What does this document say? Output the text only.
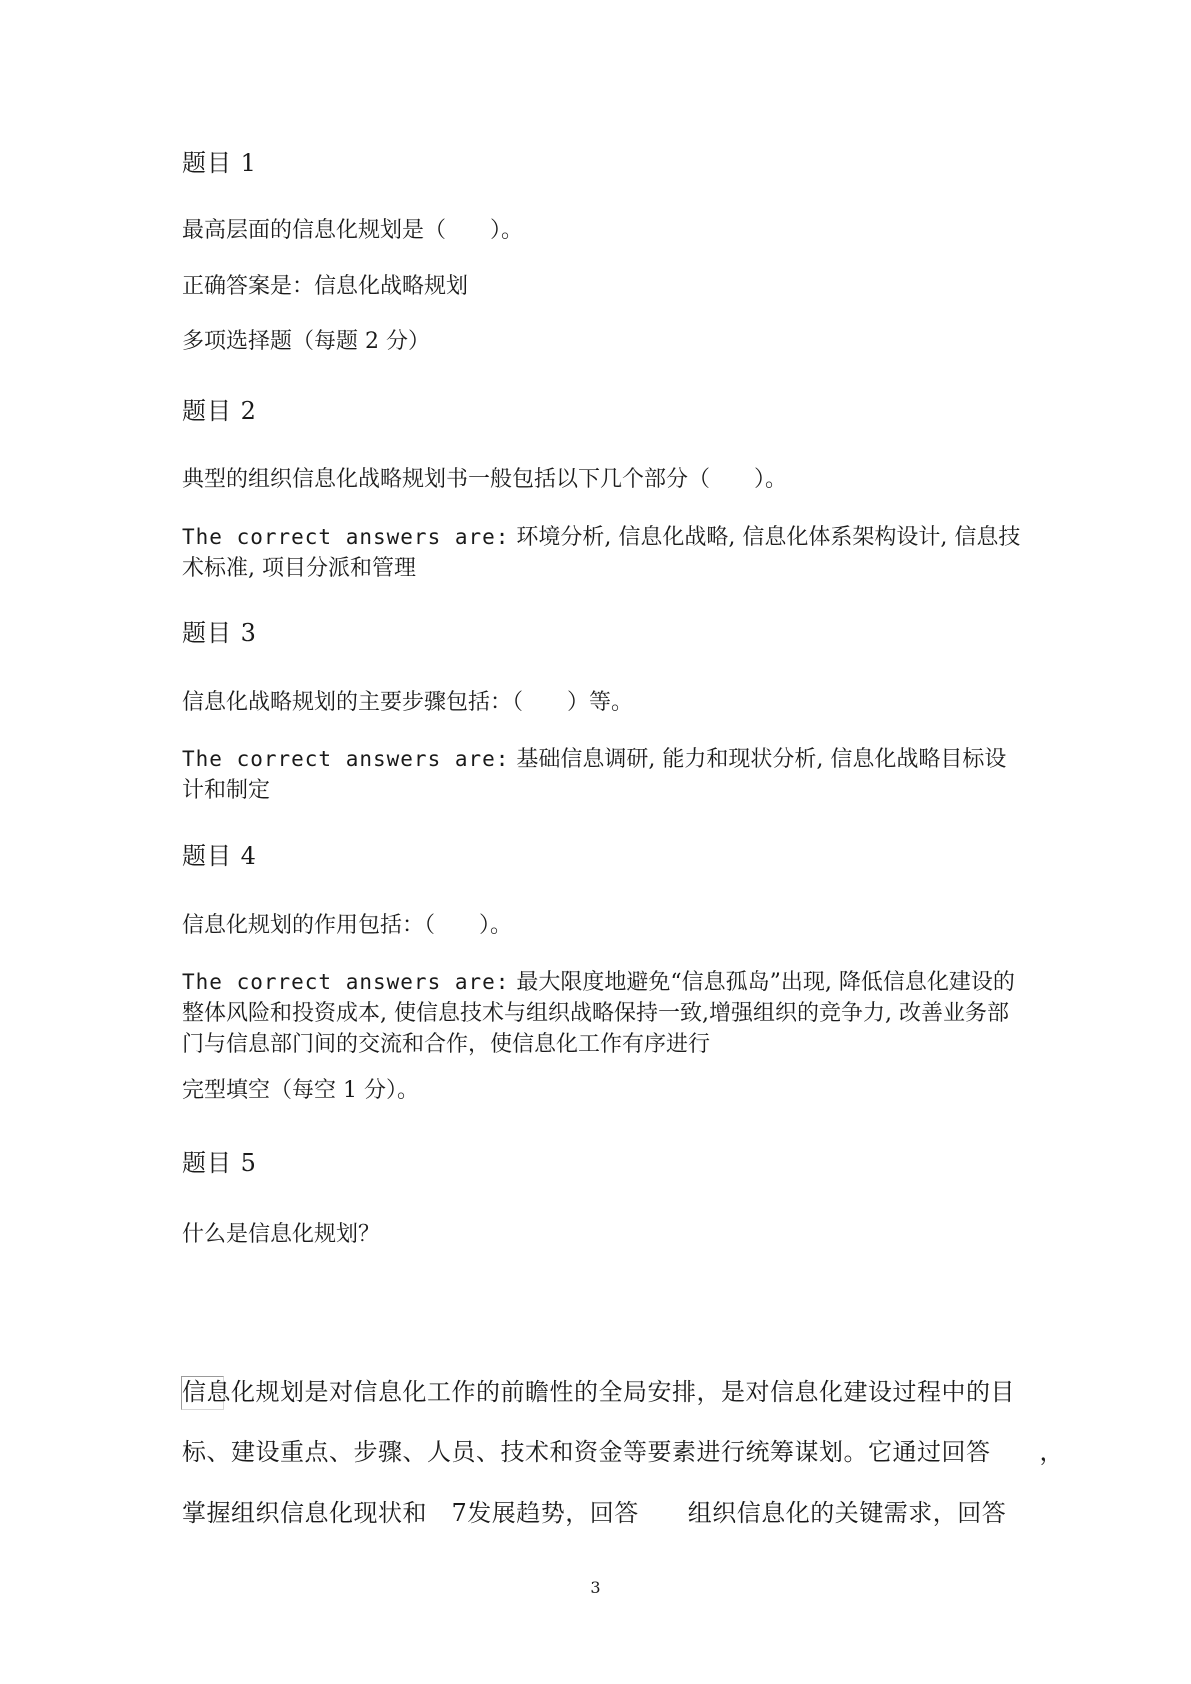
题目 1
最高层面的信息化规划是（　　）。
正确答案是：信息化战略规划
多项选择题（每题 2 分）
题目 2
典型的组织信息化战略规划书一般包括以下几个部分（　　）。
The correct answers are: 环境分析, 信息化战略, 信息化体系架构设计, 信息技术标准, 项目分派和管理
题目 3
信息化战略规划的主要步骤包括：（　　）等。
The correct answers are: 基础信息调研, 能力和现状分析, 信息化战略目标设计和制定
题目 4
信息化规划的作用包括：（　　）。
The correct answers are: 最大限度地避免“信息孤岛”出现, 降低信息化建设的整体风险和投资成本, 使信息技术与组织战略保持一致,增强组织的竞争力, 改善业务部门与信息部门间的交流和合作，使信息化工作有序进行
完型填空（每空 1 分）。
题目 5
什么是信息化规划？
信息化规划是对信息化工作的前瞻性的全局安排，是对信息化建设过程中的目
标、建设重点、步骤、人员、技术和资金等要素进行统筹谋划。它通过回答　　，
掌握组织信息化现状和　7发展趋势，回答　　组织信息化的关键需求，回答
3
